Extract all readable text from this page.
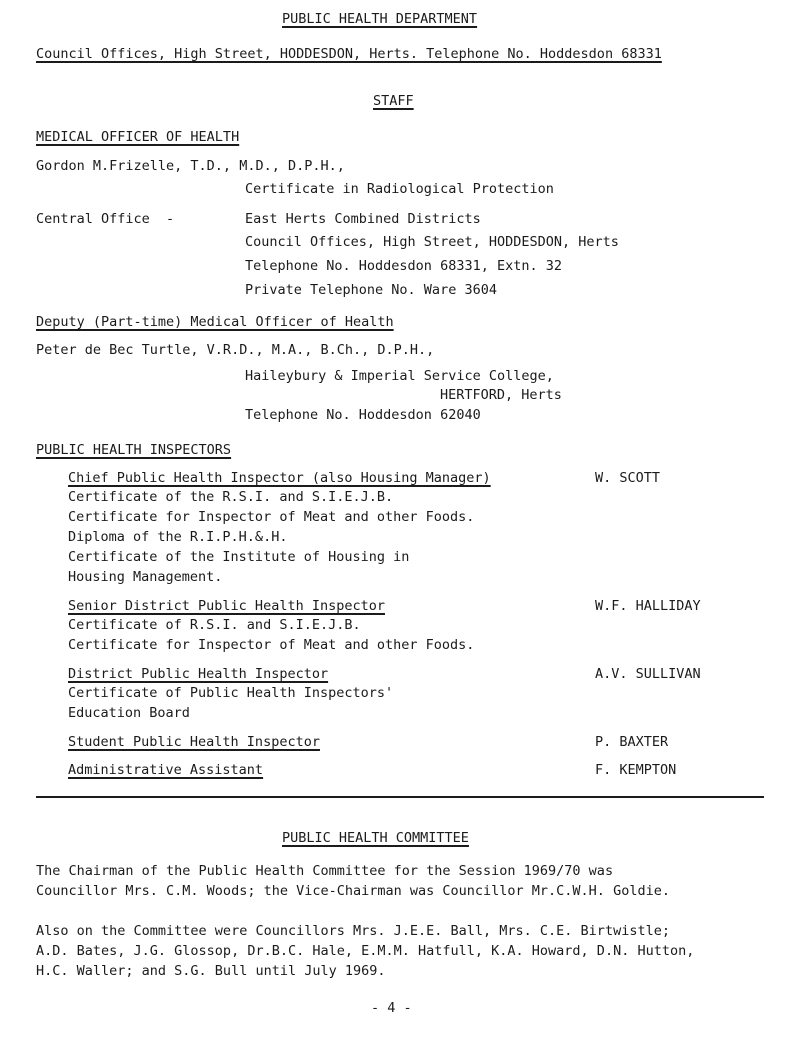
PUBLIC HEALTH DEPARTMENT
Council Offices, High Street, HODDESDON, Herts. Telephone No. Hoddesdon 68331
STAFF
MEDICAL OFFICER OF HEALTH
Gordon M.Frizelle, T.D., M.D., D.P.H.,
Certificate in Radiological Protection
Central Office  -	East Herts Combined Districts
Council Offices, High Street, HODDESDON, Herts
Telephone No. Hoddesdon 68331, Extn. 32
Private Telephone No. Ware 3604
Deputy (Part-time) Medical Officer of Health
Peter de Bec Turtle, V.R.D., M.A., B.Ch., D.P.H.,
Haileybury & Imperial Service College,
HERTFORD, Herts
Telephone No. Hoddesdon 62040
PUBLIC HEALTH INSPECTORS
Chief Public Health Inspector (also Housing Manager)	W. SCOTT
Certificate of the R.S.I. and S.I.E.J.B.
Certificate for Inspector of Meat and other Foods.
Diploma of the R.I.P.H.&.H.
Certificate of the Institute of Housing in
Housing Management.
Senior District Public Health Inspector	W.F. HALLIDAY
Certificate of R.S.I. and S.I.E.J.B.
Certificate for Inspector of Meat and other Foods.
District Public Health Inspector	A.V. SULLIVAN
Certificate of Public Health Inspectors'
Education Board
Student Public Health Inspector	P. BAXTER
Administrative Assistant	F. KEMPTON
PUBLIC HEALTH COMMITTEE
The Chairman of the Public Health Committee for the Session 1969/70 was
Councillor Mrs. C.M. Woods; the Vice-Chairman was Councillor Mr.C.W.H. Goldie.
Also on the Committee were Councillors Mrs. J.E.E. Ball, Mrs. C.E. Birtwistle;
A.D. Bates, J.G. Glossop, Dr.B.C. Hale, E.M.M. Hatfull, K.A. Howard, D.N. Hutton,
H.C. Waller; and S.G. Bull until July 1969.
- 4 -
